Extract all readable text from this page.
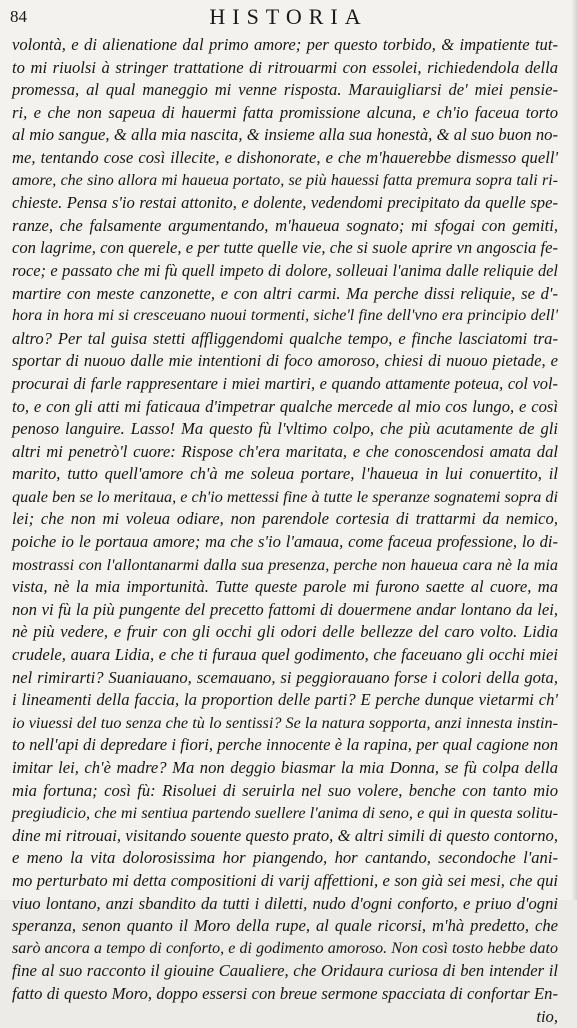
84	HISTORIA
volontà, e di alienatione dal primo amore; per questo torbido, & impatiente tut-
to mi riuolsi à stringer trattatione di ritrouarmi con essolei, richiedendola della
promessa, al qual maneggio mi venne risposta. Marauigliarsi de' miei pensie-
ri, e che non sapeua di hauermi fatta promissione alcuna, e ch'io faceua torto
al mio sangue, & alla mia nascita, & insieme alla sua honestà, & al suo buon no-
me, tentando cose così illecite, e dishonorate, e che m'hauerebbe dismesso quell'
amore, che sino allora mi haueua portato, se più hauessi fatta premura sopra tali ri-
chieste. Pensa s'io restai attonito, e dolente, vedendomi precipitato da quelle spe-
ranze, che falsamente argumentando, m'haueua sognato; mi sfogai con gemiti,
con lagrime, con querele, e per tutte quelle vie, che si suole aprire vn angoscia fe-
roce; e passato che mi fù quell impeto di dolore, solleuai l'anima dalle reliquie del
martire con meste canzonette, e con altri carmi. Ma perche dissi reliquie, se d'-
hora in hora mi si cresceuano nuoui tormenti, siche'l fine dell'vno era principio dell'
altro? Per tal guisa stetti affliggendomi qualche tempo, e finche lasciatomi tra-
sportar di nuouo dalle mie intentioni di foco amoroso, chiesi di nuouo pietade, e
procurai di farle rappresentare i miei martiri, e quando attamente poteua, col vol-
to, e con gli atti mi faticaua d'impetrar qualche mercede al mio cos lungo, e così
penoso languire. Lasso! Ma questo fù l'vltimo colpo, che più acutamente de gli
altri mi penetrò'l cuore: Rispose ch'era maritata, e che conoscendosi amata dal
marito, tutto quell'amore ch'à me soleua portare, l'haueua in lui conuertito, il
quale ben se lo meritaua, e ch'io mettessi fine à tutte le speranze sognatemi sopra di
lei; che non mi voleua odiare, non parendole cortesia di trattarmi da nemico,
poiche io le portaua amore; ma che s'io l'amaua, come faceua professione, lo di-
mostrassi con l'allontanarmi dalla sua presenza, perche non haueua cara nè la mia
vista, nè la mia importunità. Tutte queste parole mi furono saette al cuore, ma
non vi fù la più pungente del precetto fattomi di douermene andar lontano da lei,
nè più vedere, e fruir con gli occhi gli odori delle bellezze del caro volto. Lidia
crudele, auara Lidia, e che ti furaua quel godimento, che faceuano gli occhi miei
nel rimirarti? Suaniauano, scemauano, si peggiorauano forse i colori della gota,
i lineamenti della faccia, la proportion delle parti? E perche dunque vietarmi ch'
io viuessi del tuo senza che tù lo sentissi? Se la natura sopporta, anzi innesta instin-
to nell'api di depredare i fiori, perche innocente è la rapina, per qual cagione non
imitar lei, ch'è madre? Ma non deggio biasmar la mia Donna, se fù colpa della
mia fortuna; così fù: Risoluei di seruirla nel suo volere, benche con tanto mio
pregiudicio, che mi sentiua partendo suellere l'anima di seno, e qui in questa solitu-
dine mi ritrouai, visitando souente questo prato, & altri simili di questo contorno,
e meno la vita dolorosissima hor piangendo, hor cantando, secondoche l'ani-
mo perturbato mi detta compositioni di varij affettioni, e son già sei mesi, che qui
viuo lontano, anzi sbandito da tutti i diletti, nudo d'ogni conforto, e priuo d'ogni
speranza, senon quanto il Moro della rupe, al quale ricorsi, m'hà predetto, che
sarò ancora a tempo di conforto, e di godimento amoroso. Non così tosto hebbe dato
fine al suo racconto il giouine Caualiere, che Oridaura curiosa di ben intender il
fatto di questo Moro, doppo essersi con breue sermone spacciata di confortar En-
tio,
